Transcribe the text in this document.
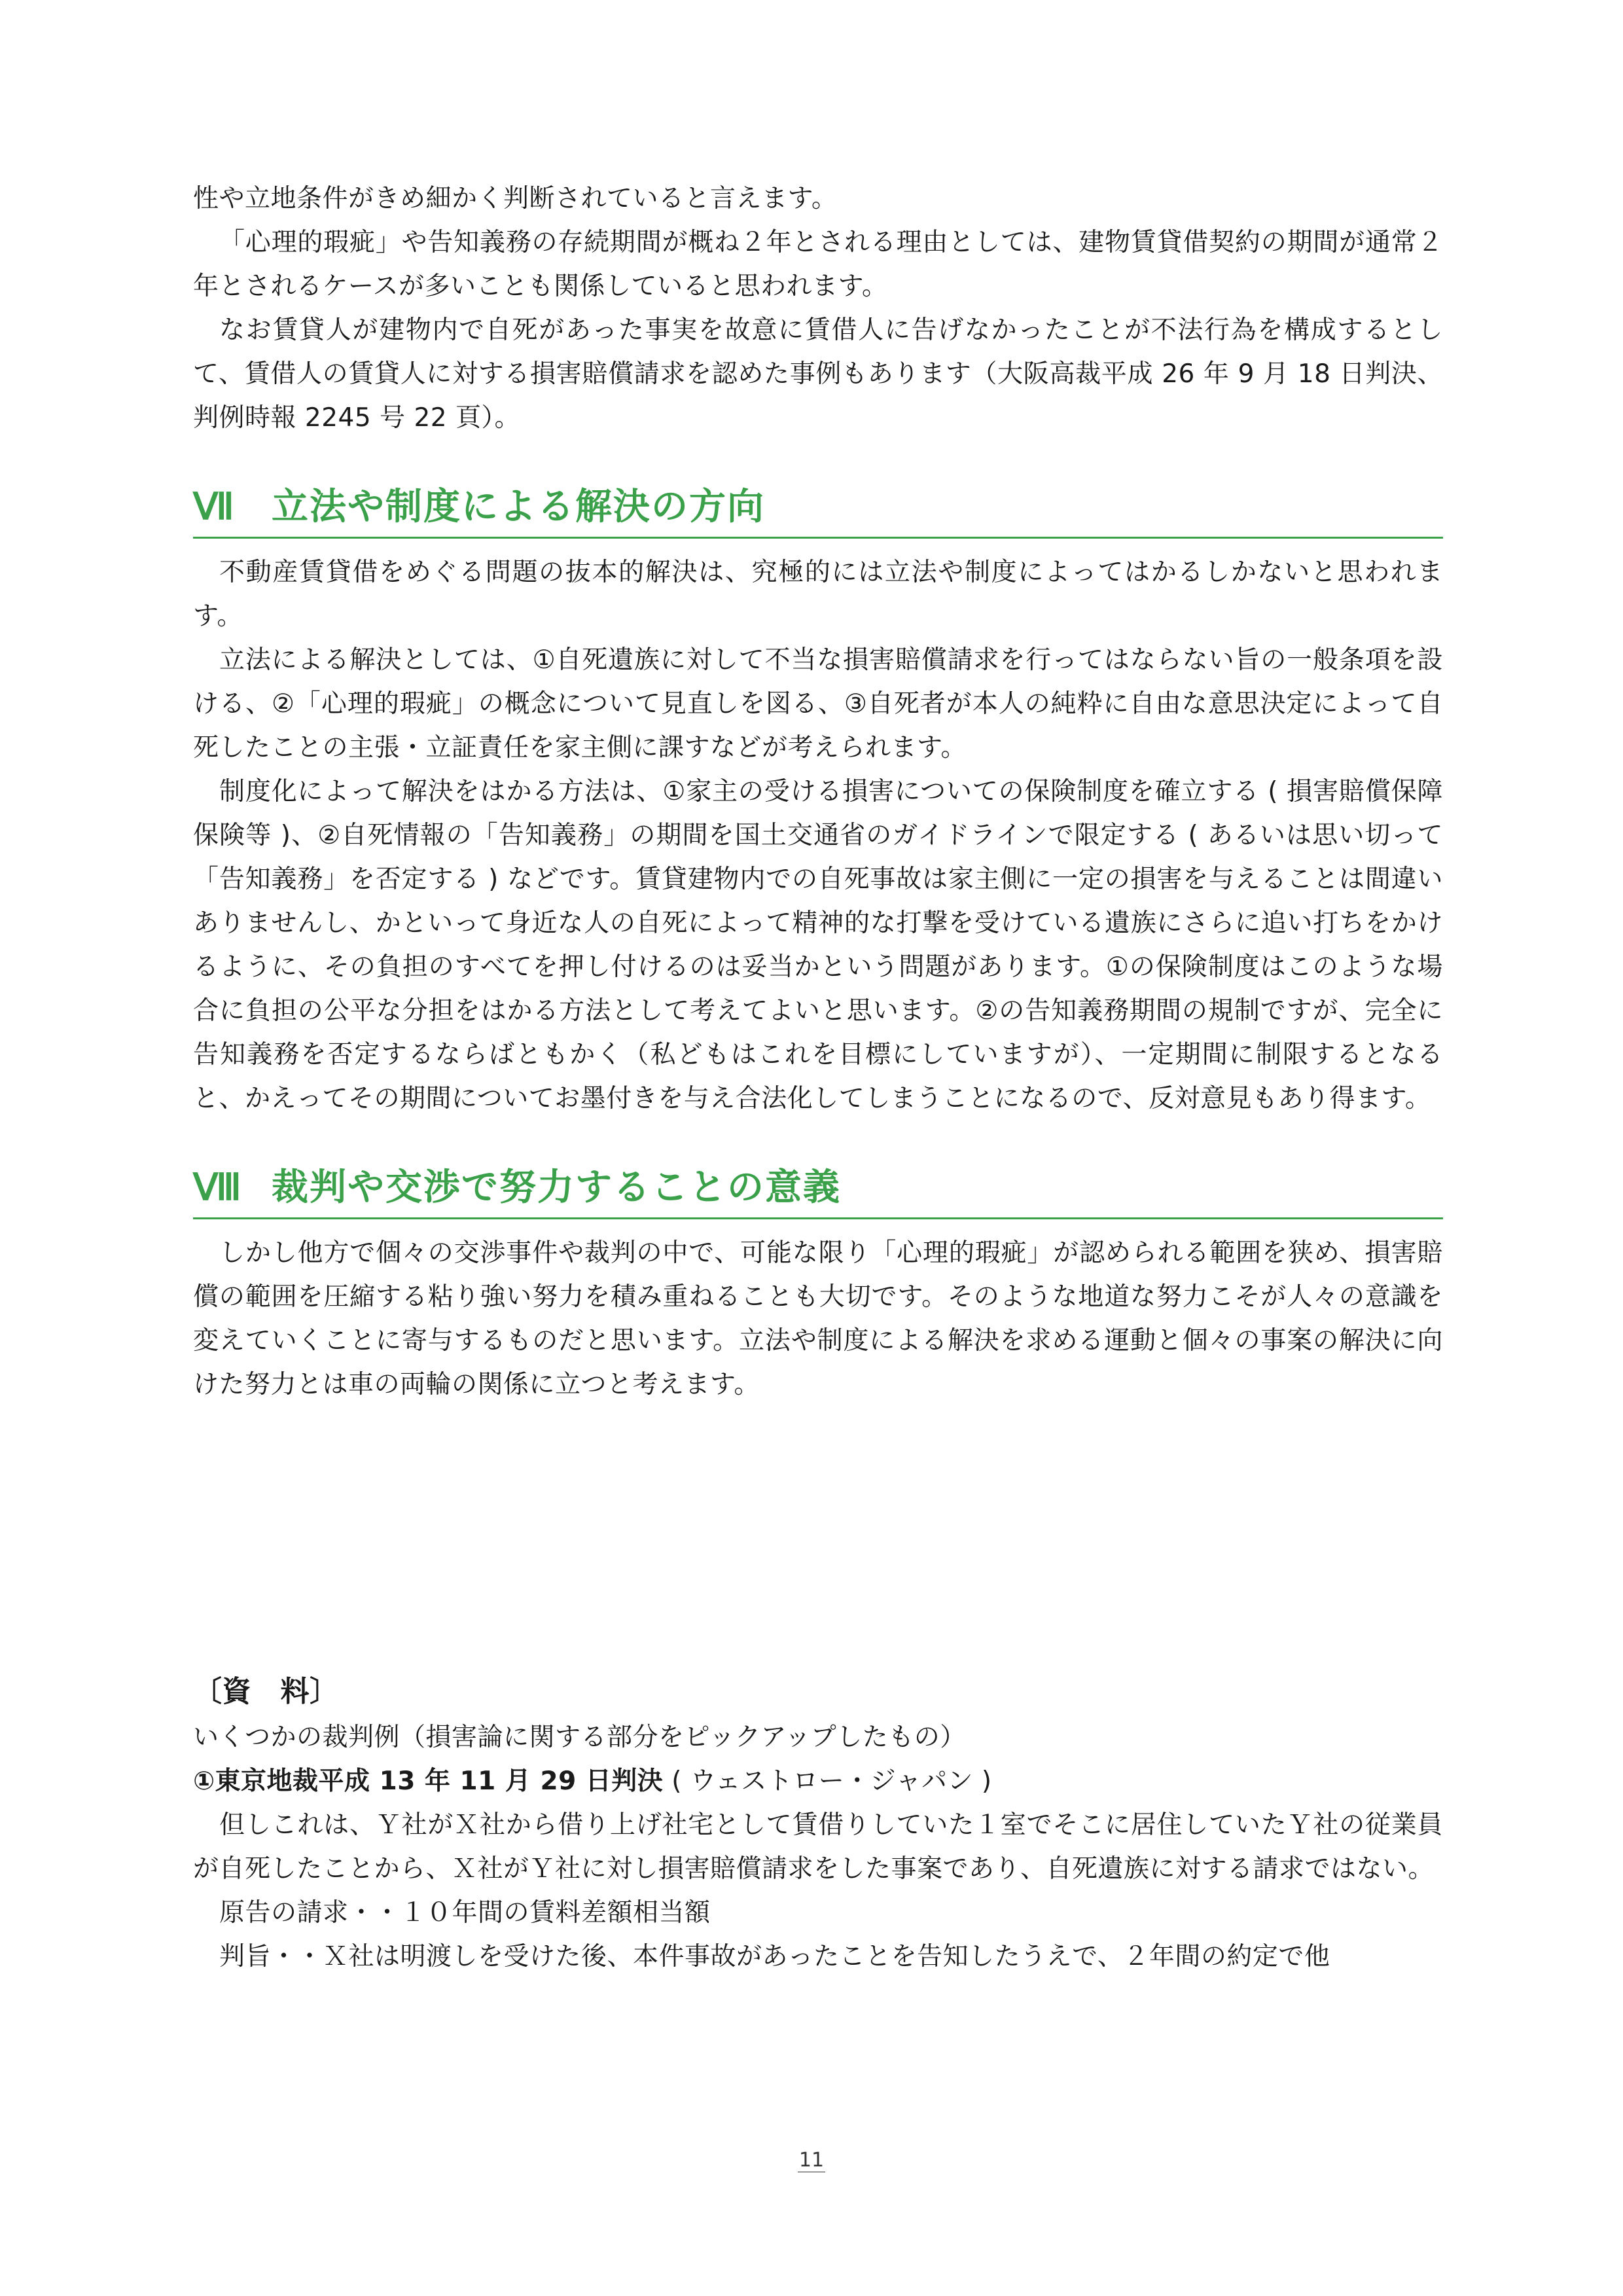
性や立地条件がきめ細かく判断されていると言えます。

「心理的瑕疵」や告知義務の存続期間が概ね２年とされる理由としては、建物賃貸借契約の期間が通常２年とされるケースが多いことも関係していると思われます。

なお賃貸人が建物内で自死があった事実を故意に賃借人に告げなかったことが不法行為を構成するとして、賃借人の賃貸人に対する損害賠償請求を認めた事例もあります（大阪高裁平成 26 年 9 月 18 日判決、判例時報 2245 号 22 頁）。

Ⅶ	立法や制度による解決の方向

不動産賃貸借をめぐる問題の抜本的解決は、究極的には立法や制度によってはかるしかないと思われます。

立法による解決としては、①自死遺族に対して不当な損害賠償請求を行ってはならない旨の一般条項を設ける、②「心理的瑕疵」の概念について見直しを図る、③自死者が本人の純粋に自由な意思決定によって自死したことの主張・立証責任を家主側に課すなどが考えられます。

制度化によって解決をはかる方法は、①家主の受ける損害についての保険制度を確立する ( 損害賠償保障保険等 )、②自死情報の「告知義務」の期間を国土交通省のガイドラインで限定する ( あるいは思い切って「告知義務」を否定する ) などです。賃貸建物内での自死事故は家主側に一定の損害を与えることは間違いありませんし、かといって身近な人の自死によって精神的な打撃を受けている遺族にさらに追い打ちをかけるように、その負担のすべてを押し付けるのは妥当かという問題があります。①の保険制度はこのような場合に負担の公平な分担をはかる方法として考えてよいと思います。②の告知義務期間の規制ですが、完全に告知義務を否定するならばともかく（私どもはこれを目標にしていますが）、一定期間に制限するとなると、かえってその期間についてお墨付きを与え合法化してしまうことになるので、反対意見もあり得ます。

Ⅷ 裁判や交渉で努力することの意義

しかし他方で個々の交渉事件や裁判の中で、可能な限り「心理的瑕疵」が認められる範囲を狭め、損害賠償の範囲を圧縮する粘り強い努力を積み重ねることも大切です。そのような地道な努力こそが人々の意識を変えていくことに寄与するものだと思います。立法や制度による解決を求める運動と個々の事案の解決に向けた努力とは車の両輪の関係に立つと考えます。

〔資　料〕

いくつかの裁判例（損害論に関する部分をピックアップしたもの）

①東京地裁平成 13 年 11 月 29 日判決 ( ウェストロー・ジャパン )

但しこれは、Ｙ社がＸ社から借り上げ社宅として賃借りしていた１室でそこに居住していたＹ社の従業員が自死したことから、Ｘ社がＹ社に対し損害賠償請求をした事案であり、自死遺族に対する請求ではない。

原告の請求・・１０年間の賃料差額相当額

判旨・・Ｘ社は明渡しを受けた後、本件事故があったことを告知したうえで、２年間の約定で他

11
